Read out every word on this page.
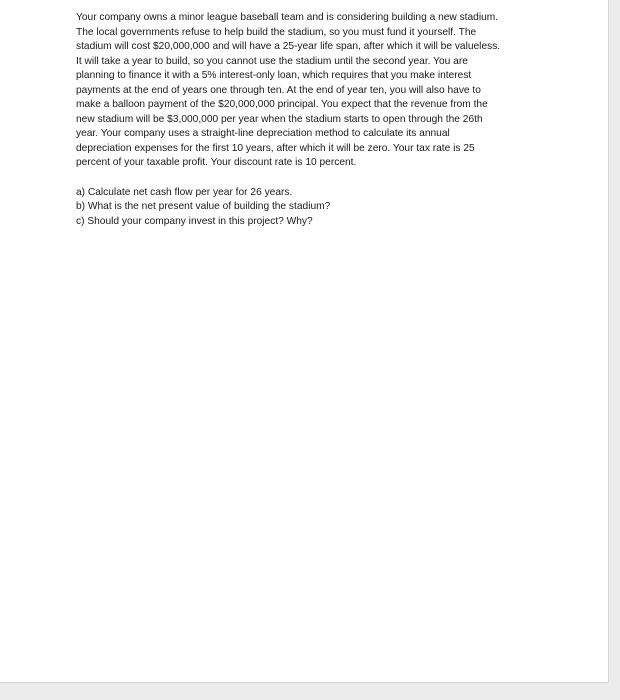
Your company owns a minor league baseball team and is considering building a new stadium.
The local governments refuse to help build the stadium, so you must fund it yourself. The
stadium will cost $20,000,000 and will have a 25-year life span, after which it will be valueless.
It will take a year to build, so you cannot use the stadium until the second year. You are
planning to finance it with a 5% interest-only loan, which requires that you make interest
payments at the end of years one through ten. At the end of year ten, you will also have to
make a balloon payment of the $20,000,000 principal. You expect that the revenue from the
new stadium will be $3,000,000 per year when the stadium starts to open through the 26th
year. Your company uses a straight-line depreciation method to calculate its annual
depreciation expenses for the first 10 years, after which it will be zero. Your tax rate is 25
percent of your taxable profit. Your discount rate is 10 percent.
a) Calculate net cash flow per year for 26 years.
b) What is the net present value of building the stadium?
c) Should your company invest in this project? Why?
